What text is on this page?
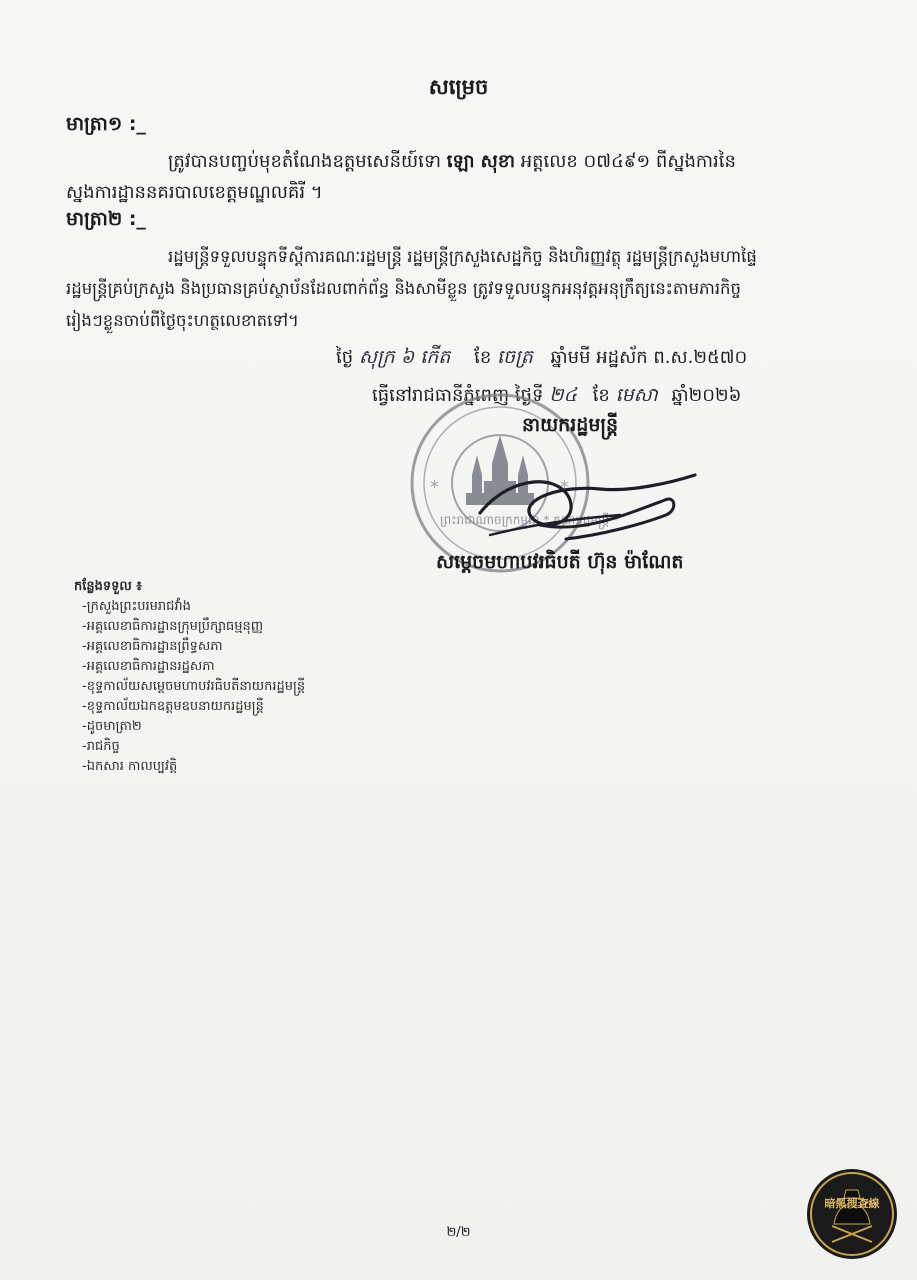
សម្រេច
មាត្រា១ :_
ត្រូវបានបញ្ចប់មុខតំណែងឧត្តមសេនីយ៍ទោ ឡោ សុខា អត្តលេខ ០៧៤៩១ ពីស្នងការនៃ
ស្នងការដ្ឋាននគរបាលខេត្តមណ្ឌលគិរី ។
មាត្រា២ :_
រដ្ឋមន្ត្រីទទួលបន្ទុកទីស្តីការគណៈរដ្ឋមន្ត្រី រដ្ឋមន្ត្រីក្រសួងសេដ្ឋកិច្ច និងហិរញ្ញវត្ថុ រដ្ឋមន្ត្រីក្រសួងមហាផ្ទៃ
រដ្ឋមន្ត្រីគ្រប់ក្រសួង និងប្រធានគ្រប់ស្ថាប័នដែលពាក់ព័ន្ធ និងសាមីខ្លួន ត្រូវទទួលបន្ទុកអនុវត្តអនុក្រឹត្យនេះតាមភារកិច្ច
រៀងៗខ្លួនចាប់ពីថ្ងៃចុះហត្ថលេខាតទៅ។
ថ្ងៃ សុក្រ ៦ កើត ខែ ចេត្រ ឆ្នាំមមី អដ្ឋស័ក ព.ស.២៥៧០
ធ្វើនៅរាជធានីភ្នំពេញ ថ្ងៃទី ២៤ ខែ មេសា ឆ្នាំ២០២៦
*	*
ព្រះរាជាណាចក្រកម្ពុជា * គណៈរដ្ឋមន្ត្រី *
នាយករដ្ឋមន្ត្រី
សម្តេចមហាបវរធិបតី ហ៊ុន ម៉ាណែត
កន្លែងទទួល ៖
-ក្រសួងព្រះបរមរាជវាំង
-អគ្គលេខាធិការដ្ឋានក្រុមប្រឹក្សាធម្មនុញ្ញ
-អគ្គលេខាធិការដ្ឋានព្រឹទ្ធសភា
-អគ្គលេខាធិការដ្ឋានរដ្ឋសភា
-ខុទ្ទកាល័យសម្តេចមហាបវរធិបតីនាយករដ្ឋមន្ត្រី
-ខុទ្ទកាល័យឯកឧត្តមឧបនាយករដ្ឋមន្ត្រី
-ដូចមាត្រា២
-រាជកិច្ច
-ឯកសារ កាលប្បវត្តិ
暗黑搜查線
២/២
